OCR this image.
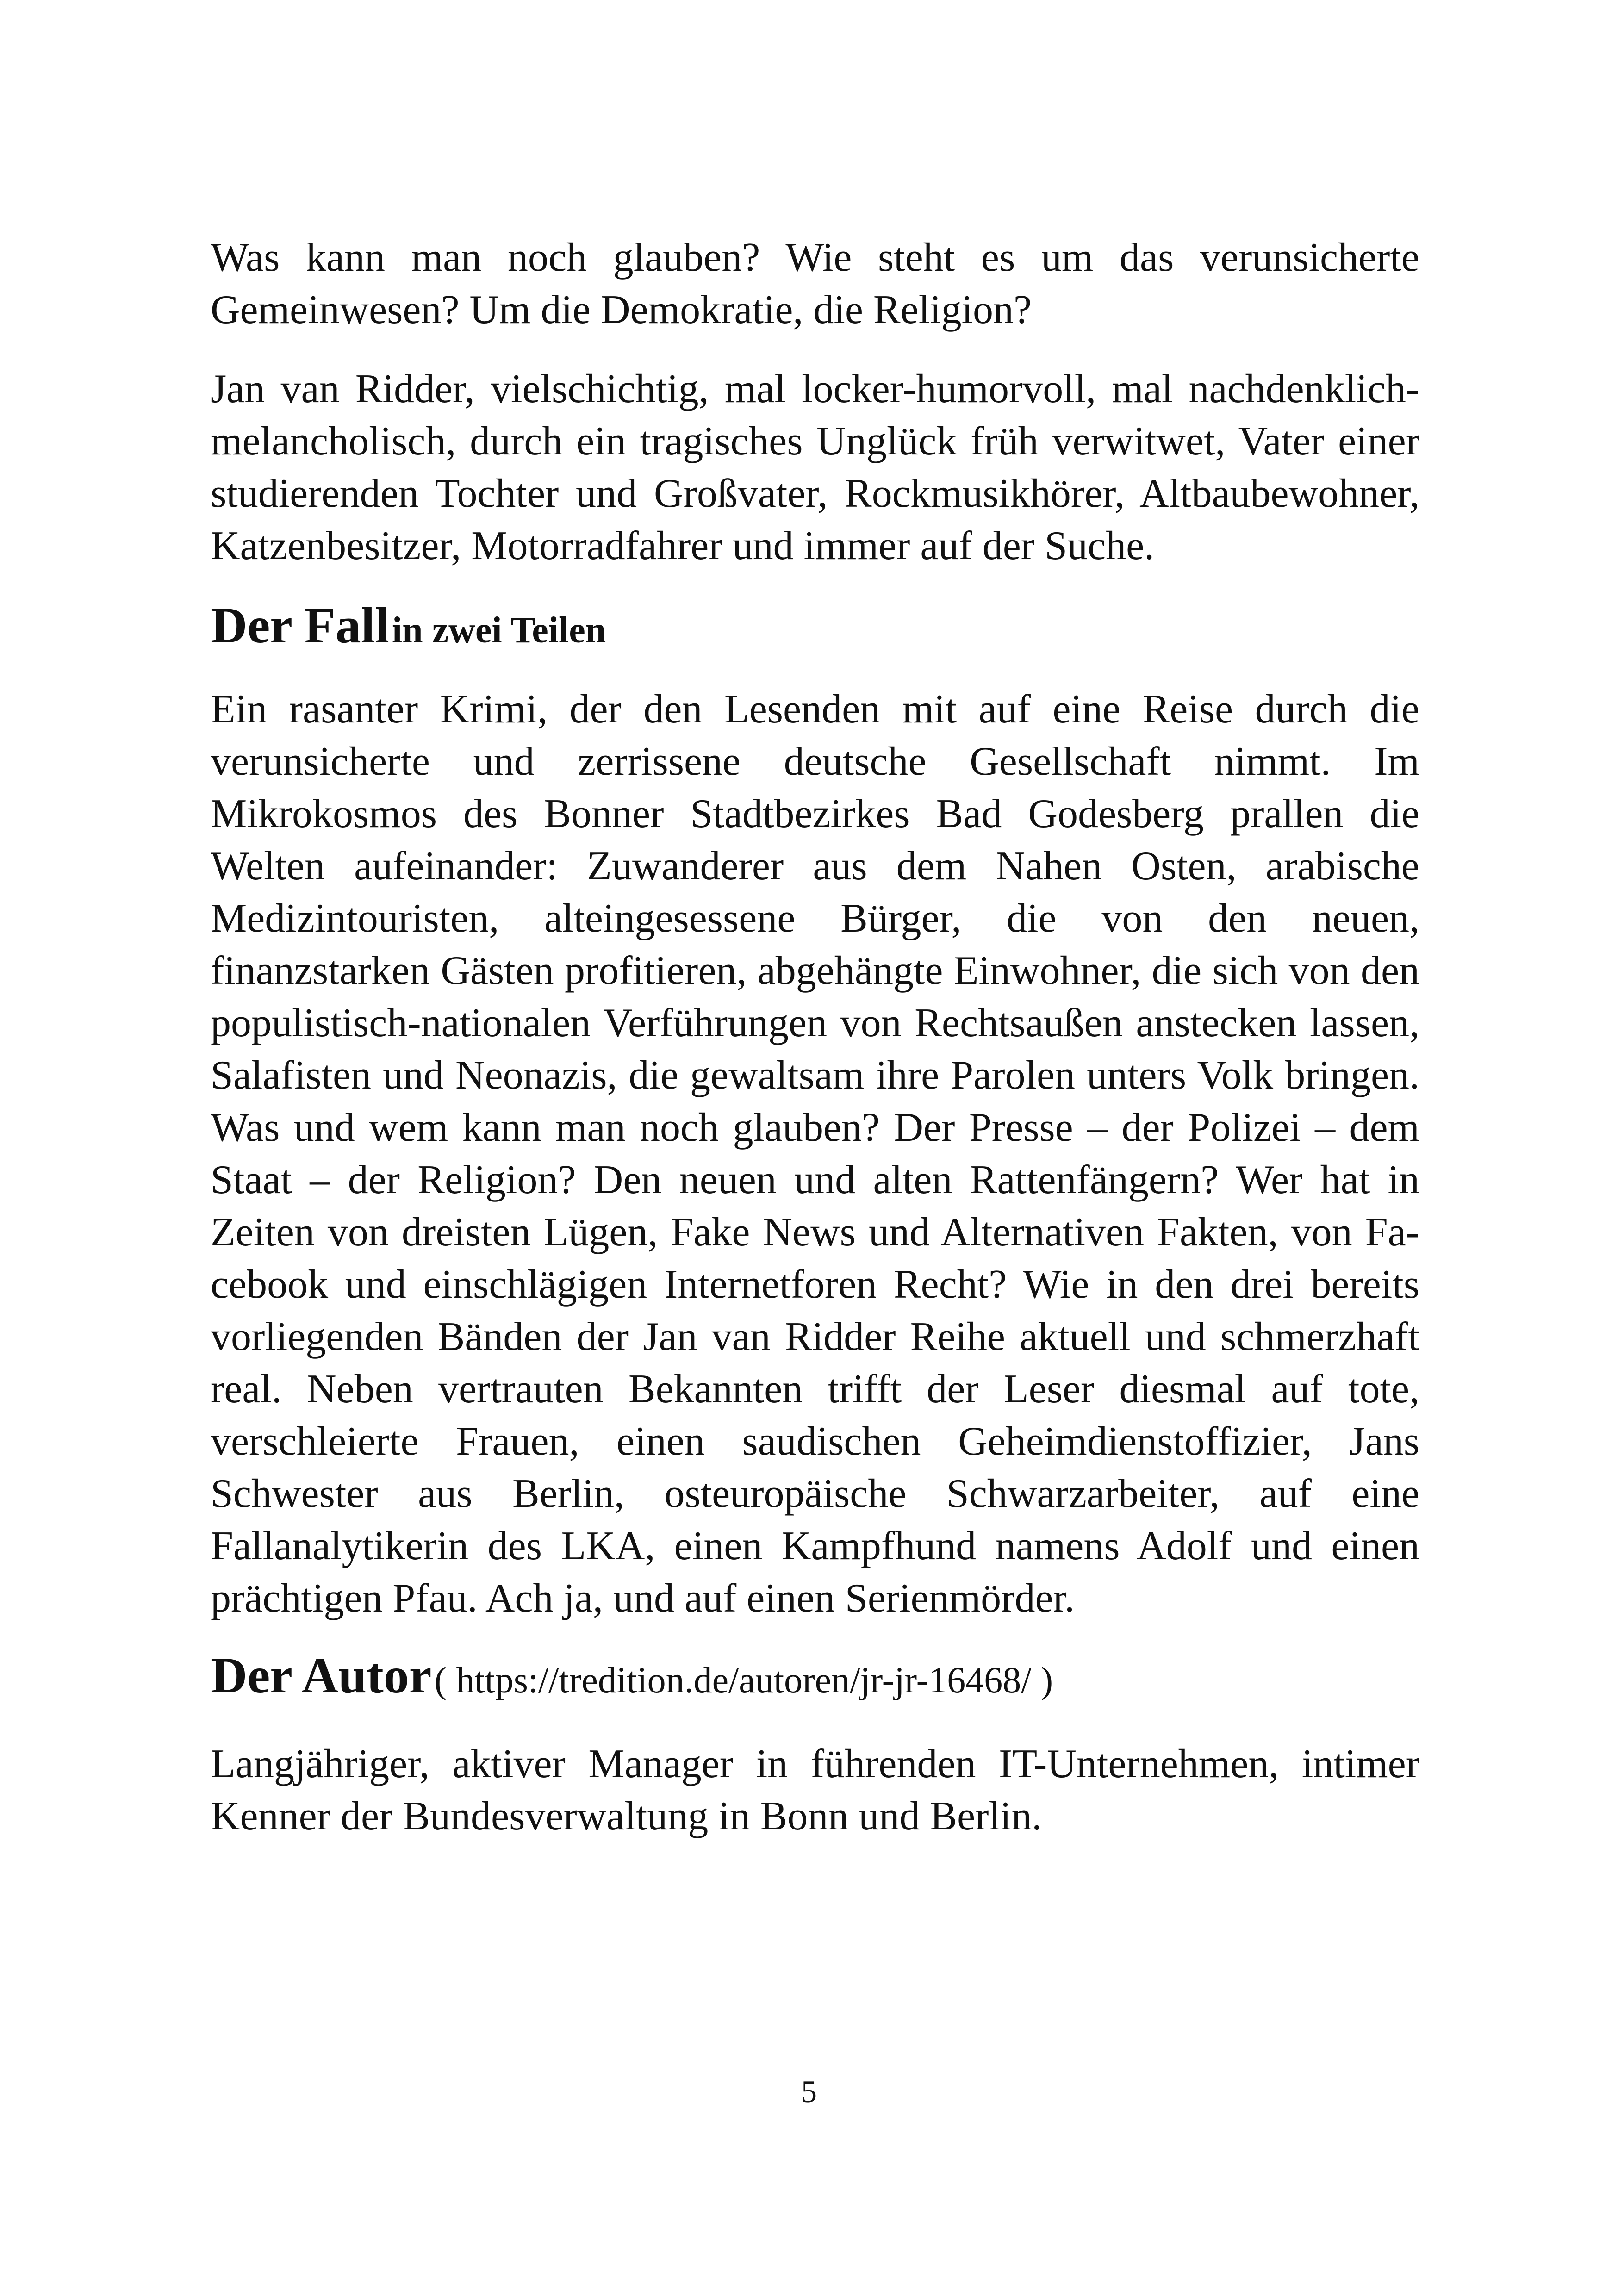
Was kann man noch glauben? Wie steht es um das verunsicherte Gemeinwesen? Um die Demokratie, die Religion?

Jan van Ridder, vielschichtig, mal locker-humorvoll, mal nachdenklich-melancholisch, durch ein tragisches Unglück früh verwitwet, Vater einer studierenden Tochter und Großvater, Rockmusikhörer, Altbaubewohner, Katzenbesitzer, Motorradfahrer und immer auf der Suche.

Der Fall in zwei Teilen

Ein rasanter Krimi, der den Lesenden mit auf eine Reise durch die verunsicherte und zerrissene deutsche Gesellschaft nimmt. Im Mikrokosmos des Bonner Stadtbezirkes Bad Godesberg prallen die Welten aufeinander: Zuwanderer aus dem Nahen Osten, arabische Medizintouristen, alteingesessene Bürger, die von den neuen, finanzstarken Gästen profitieren, abgehängte Einwohner, die sich von den populistisch-nationalen Verführungen von Rechtsaußen anstecken lassen, Salafisten und Neonazis, die gewaltsam ihre Parolen unters Volk bringen. Was und wem kann man noch glauben? Der Presse – der Polizei – dem Staat – der Religion? Den neuen und alten Rattenfängern? Wer hat in Zeiten von dreisten Lügen, Fake News und Alternativen Fakten, von Facebook und einschlägigen Internetforen Recht? Wie in den drei bereits vorliegenden Bänden der Jan van Ridder Reihe aktuell und schmerzhaft real. Neben vertrauten Bekannten trifft der Leser diesmal auf tote, verschleierte Frauen, einen saudischen Geheimdienstoffizier, Jans Schwester aus Berlin, osteuropäische Schwarzarbeiter, auf eine Fallanalytikerin des LKA, einen Kampfhund namens Adolf und einen prächtigen Pfau. Ach ja, und auf einen Serienmörder.

Der Autor ( https://tredition.de/autoren/jr-jr-16468/ )

Langjähriger, aktiver Manager in führenden IT-Unternehmen, intimer Kenner der Bundesverwaltung in Bonn und Berlin.

5
